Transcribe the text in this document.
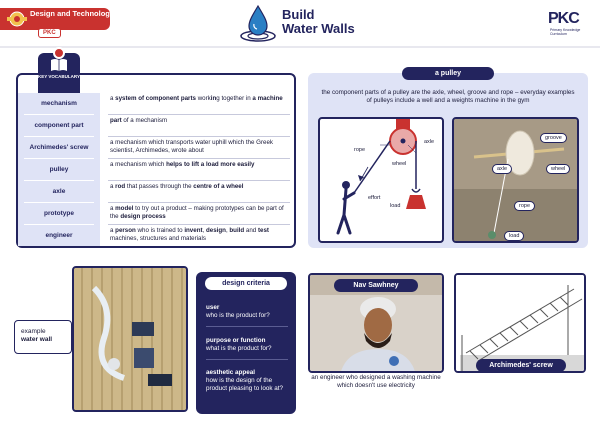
Design and Technology
PKC
Build
Water Walls
PKC
Primary Knowledge Curriculum
KEY VOCABULARY
mechanism
a system of component parts working together in a machine
component part
part of a mechanism
Archimedes' screw
a mechanism which transports water uphill which the Greek scientist, Archimedes, wrote about
pulley
a mechanism which helps to lift a load more easily
axle
a rod that passes through the centre of a wheel
prototype
a model to try out a product – making prototypes can be part of the design process
engineer
a person who is trained to invent, design, build and test machines, structures and materials
a pulley
the component parts of a pulley are the axle, wheel, groove and rope – everyday examples of pulleys include a well and a weights machine in the gym
rope
axle
wheel
effort
load
groove
axle	wheel
rope
load
example
water wall
design criteria
user
who is the product for?
purpose or function
what is the product for?
aesthetic appeal
how is the design of the product pleasing to look at?
Nav Sawhney
an engineer who designed a washing machine which doesn't use electricity
Archimedes' screw
